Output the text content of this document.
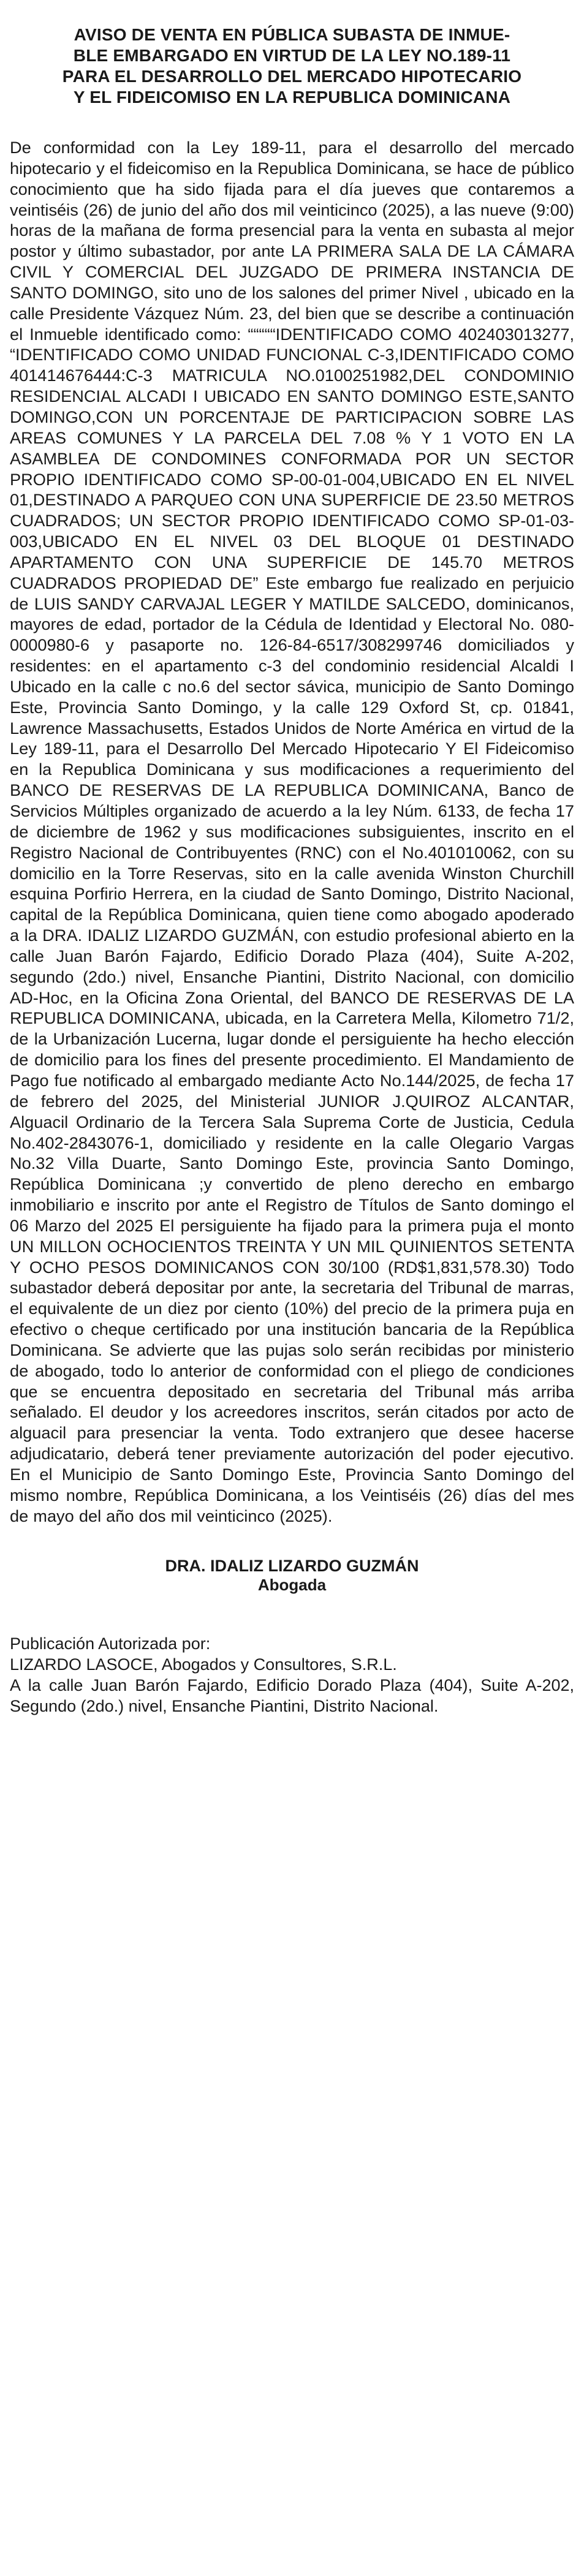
AVISO DE VENTA EN PÚBLICA SUBASTA DE INMUE-
BLE EMBARGADO EN VIRTUD DE LA LEY NO.189-11
PARA EL DESARROLLO DEL MERCADO HIPOTECARIO
Y EL FIDEICOMISO EN LA REPUBLICA DOMINICANA

De conformidad con la Ley 189-11, para el desarrollo del mercado hipotecario y el fideicomiso en la Republica Dominicana, se hace de público conocimiento que ha sido fijada para el día jueves que contaremos a veintiséis (26) de junio del año dos mil veinticinco (2025), a las nueve (9:00) horas de la mañana de forma presencial para la venta en subasta al mejor postor y último subastador, por ante LA PRIMERA SALA DE LA CÁMARA CIVIL Y COMERCIAL DEL JUZGADO DE PRIMERA INSTANCIA DE SANTO DOMINGO, sito uno de los salones del primer Nivel , ubicado en la calle Presidente Vázquez Núm. 23, del bien que se describe a continuación el Inmueble identificado como: “““““IDENTIFICADO COMO 402403013277, “IDENTIFICADO COMO UNIDAD FUNCIONAL C-3,IDENTIFICADO COMO 401414676444:C-3 MATRICULA NO.0100251982,DEL CONDOMINIO RESIDENCIAL ALCADI I UBICADO EN SANTO DOMINGO ESTE,SANTO DOMINGO,CON UN PORCENTAJE DE PARTICIPACION SOBRE LAS AREAS COMUNES Y LA PARCELA DEL 7.08 % Y 1 VOTO EN LA ASAMBLEA DE CONDOMINES CONFORMADA POR UN SECTOR PROPIO IDENTIFICADO COMO SP-00-01-004,UBICADO EN EL NIVEL 01,DESTINADO A PARQUEO CON UNA SUPERFICIE DE 23.50 METROS CUADRADOS; UN SECTOR PROPIO IDENTIFICADO COMO SP-01-03-003,UBICADO EN EL NIVEL 03 DEL BLOQUE 01 DESTINADO APARTAMENTO CON UNA SUPERFICIE DE 145.70 METROS CUADRADOS PROPIEDAD DE” Este embargo fue realizado en perjuicio de LUIS SANDY CARVAJAL LEGER Y MATILDE SALCEDO, dominicanos, mayores de edad, portador de la Cédula de Identidad y Electoral No. 080-0000980-6 y pasaporte no. 126-84-6517/308299746 domiciliados y residentes: en el apartamento c-3 del condominio residencial Alcaldi I Ubicado en la calle c no.6 del sector sávica, municipio de Santo Domingo Este, Provincia Santo Domingo, y la calle 129 Oxford St, cp. 01841, Lawrence Massachusetts, Estados Unidos de Norte América en virtud de la Ley 189-11, para el Desarrollo Del Mercado Hipotecario Y El Fideicomiso en la Republica Dominicana y sus modificaciones a requerimiento del BANCO DE RESERVAS DE LA REPUBLICA DOMINICANA, Banco de Servicios Múltiples organizado de acuerdo a la ley Núm. 6133, de fecha 17 de diciembre de 1962 y sus modificaciones subsiguientes, inscrito en el Registro Nacional de Contribuyentes (RNC) con el No.401010062, con su domicilio en la Torre Reservas, sito en la calle avenida Winston Churchill esquina Porfirio Herrera, en la ciudad de Santo Domingo, Distrito Nacional, capital de la República Dominicana, quien tiene como abogado apoderado a la DRA. IDALIZ LIZARDO GUZMÁN, con estudio profesional abierto en la calle Juan Barón Fajardo, Edificio Dorado Plaza (404), Suite A-202, segundo (2do.) nivel, Ensanche Piantini, Distrito Nacional, con domicilio AD-Hoc, en la Oficina Zona Oriental, del BANCO DE RESERVAS DE LA REPUBLICA DOMINICANA, ubicada, en la Carretera Mella, Kilometro 71/2, de la Urbanización Lucerna, lugar donde el persiguiente ha hecho elección de domicilio para los fines del presente procedimiento. El Mandamiento de Pago fue notificado al embargado mediante Acto No.144/2025, de fecha 17 de febrero del 2025, del Ministerial JUNIOR J.QUIROZ ALCANTAR, Alguacil Ordinario de la Tercera Sala Suprema Corte de Justicia, Cedula No.402-2843076-1, domiciliado y residente en la calle Olegario Vargas No.32 Villa Duarte, Santo Domingo Este, provincia Santo Domingo, República Dominicana ;y convertido de pleno derecho en embargo inmobiliario e inscrito por ante el Registro de Títulos de Santo domingo el 06 Marzo del 2025 El persiguiente ha fijado para la primera puja el monto UN MILLON OCHOCIENTOS TREINTA Y UN MIL QUINIENTOS SETENTA Y OCHO PESOS DOMINICANOS CON 30/100 (RD$1,831,578.30) Todo subastador deberá depositar por ante, la secretaria del Tribunal de marras, el equivalente de un diez por ciento (10%) del precio de la primera puja en efectivo o cheque certificado por una institución bancaria de la República Dominicana. Se advierte que las pujas solo serán recibidas por ministerio de abogado, todo lo anterior de conformidad con el pliego de condiciones que se encuentra depositado en secretaria del Tribunal más arriba señalado. El deudor y los acreedores inscritos, serán citados por acto de alguacil para presenciar la venta. Todo extranjero que desee hacerse adjudicatario, deberá tener previamente autorización del poder ejecutivo. En el Municipio de Santo Domingo Este, Provincia Santo Domingo del mismo nombre, República Dominicana, a los Veintiséis (26) días del mes de mayo del año dos mil veinticinco (2025).

DRA. IDALIZ LIZARDO GUZMÁN
Abogada
Publicación Autorizada por:
LIZARDO LASOCE, Abogados y Consultores, S.R.L.
A la calle Juan Barón Fajardo, Edificio Dorado Plaza (404), Suite A-202, Segundo (2do.) nivel, Ensanche Piantini, Distrito Nacional.
